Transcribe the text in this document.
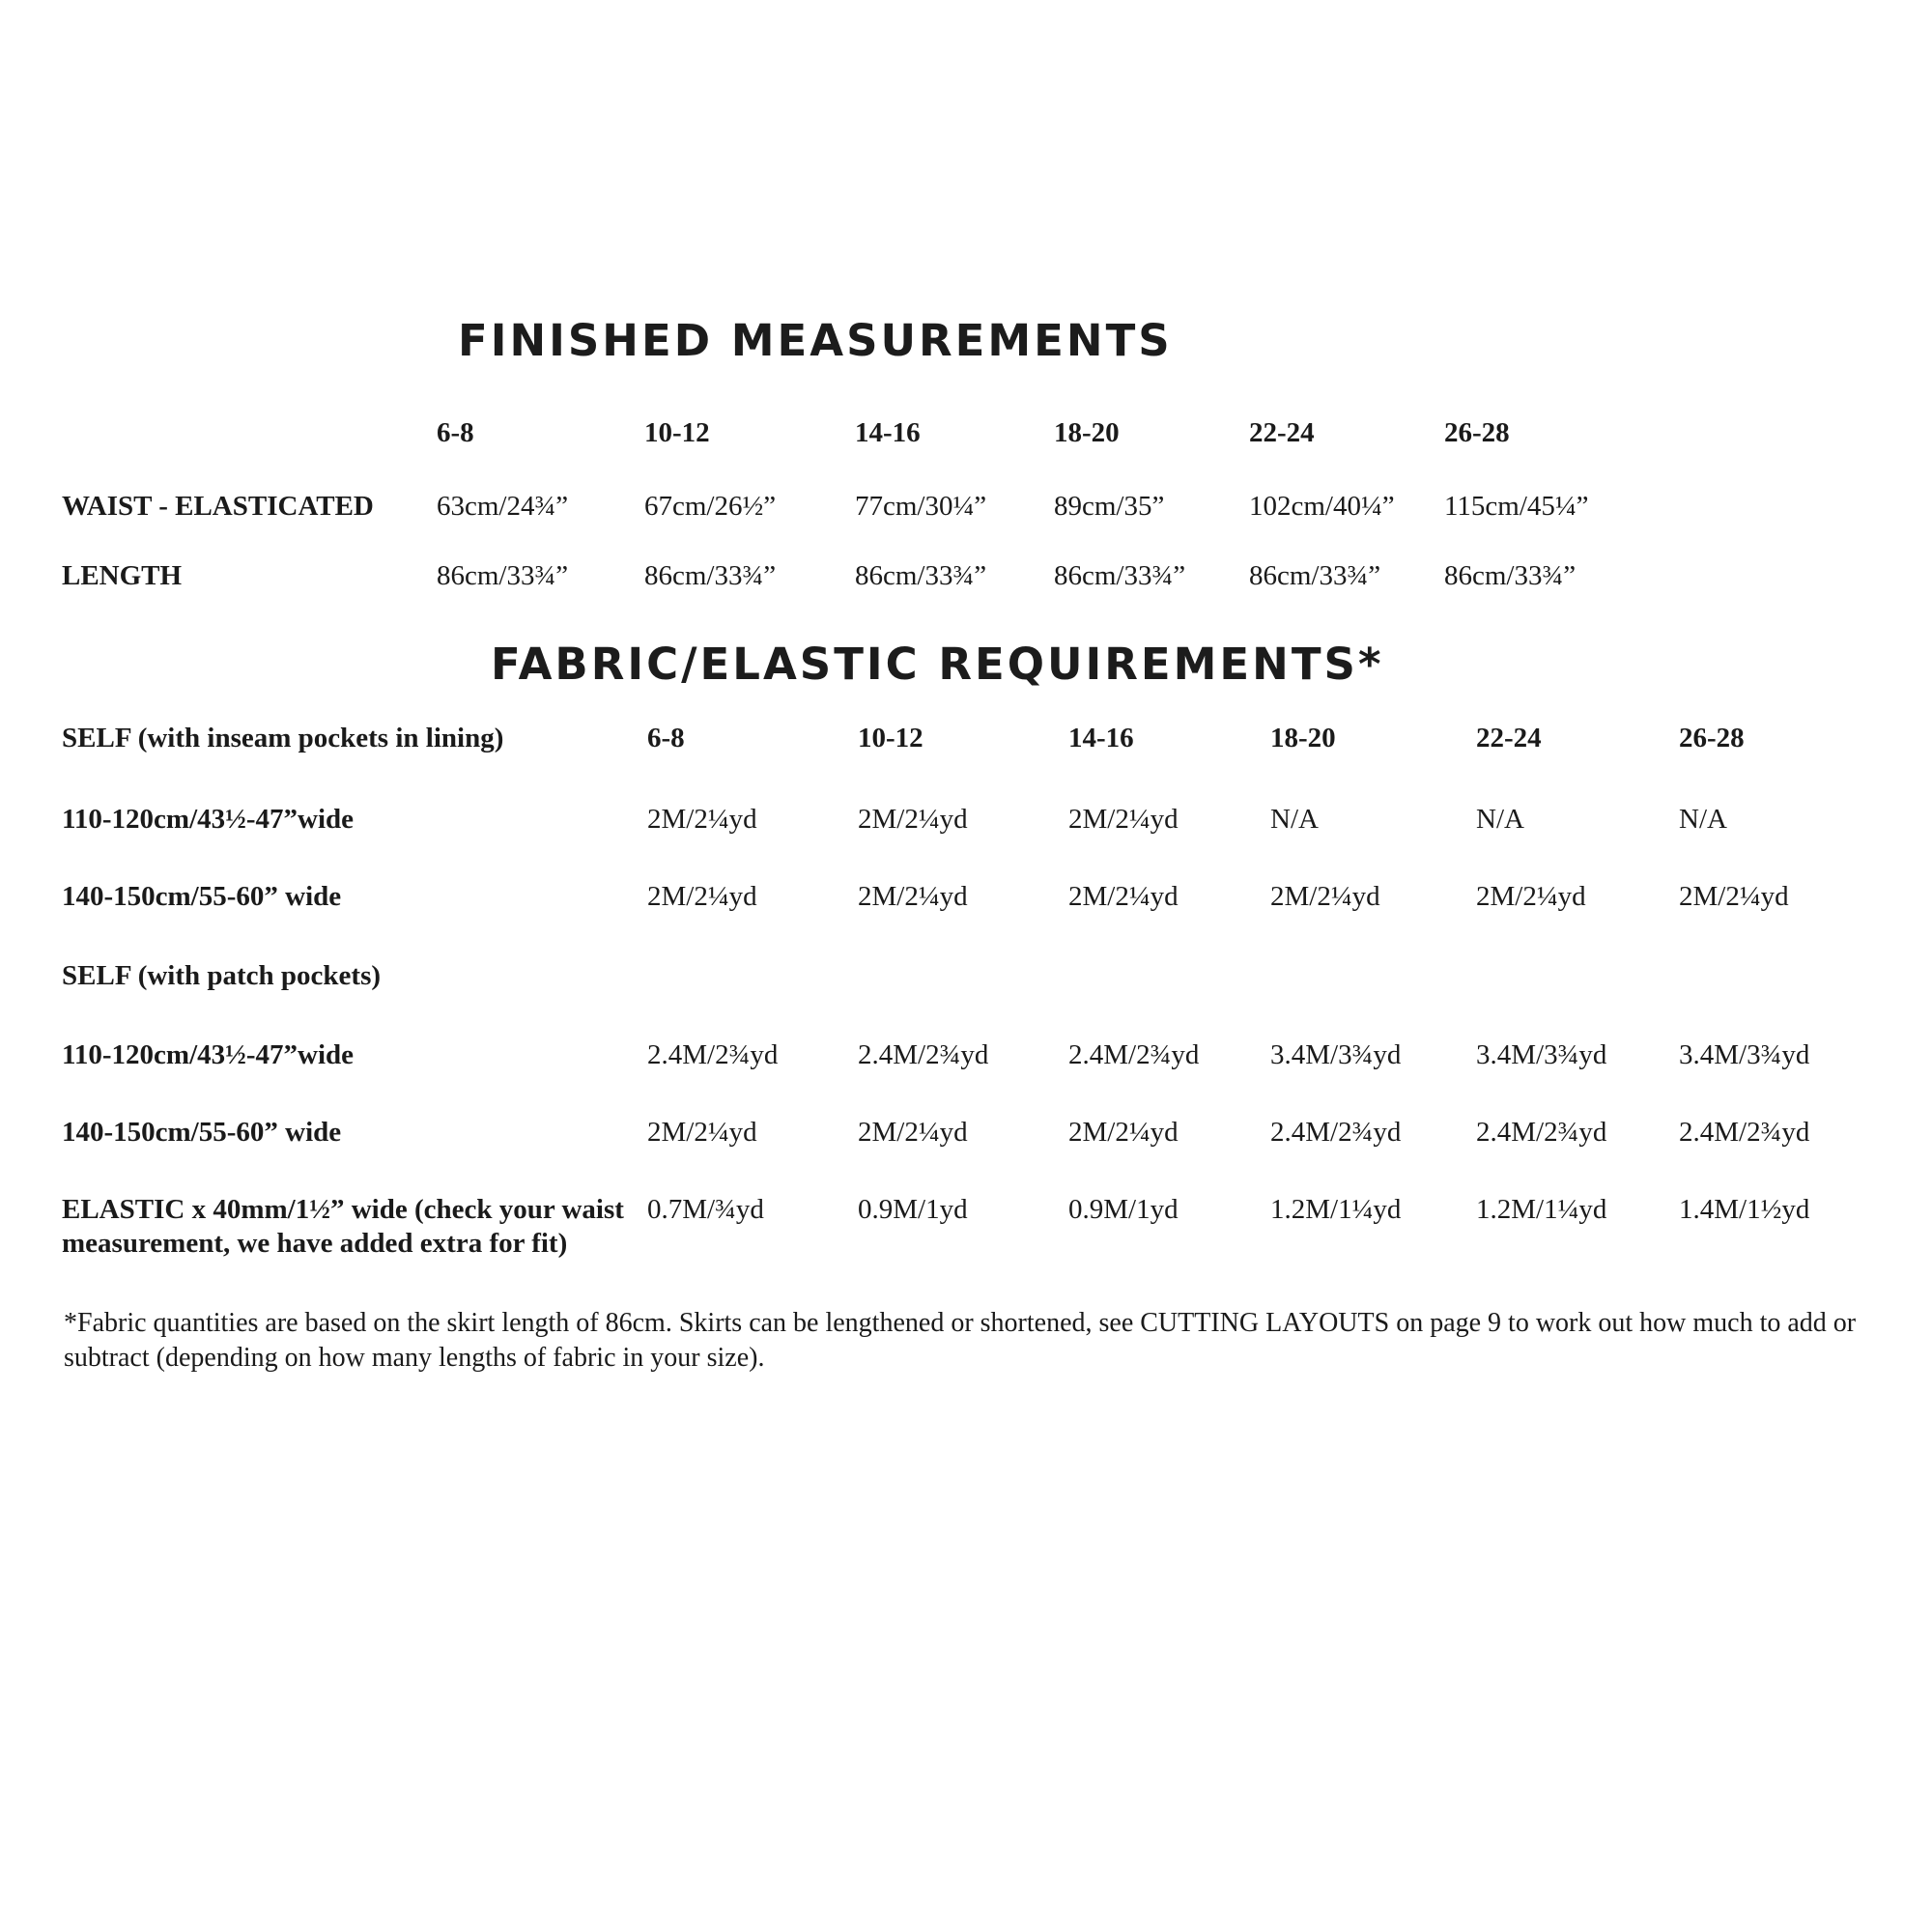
FINISHED MEASUREMENTS
6-8	10-12	14-16	18-20	22-24	26-28
WAIST - ELASTICATED 63cm/24¾”	67cm/26½”	77cm/30¼” 89cm/35”	102cm/40¼” 115cm/45¼”
LENGTH	86cm/33¾”	86cm/33¾”	86cm/33¾” 86cm/33¾” 86cm/33¾” 86cm/33¾”
FABRIC/ELASTIC REQUIREMENTS*
SELF (with inseam pockets in lining)	6-8	10-12	14-16	18-20	22-24	26-28
110-120cm/43½-47”wide	2M/2¼yd	2M/2¼yd	2M/2¼yd	N/A	N/A	N/A
140-150cm/55-60” wide	2M/2¼yd	2M/2¼yd	2M/2¼yd	2M/2¼yd	2M/2¼yd	2M/2¼yd
SELF (with patch pockets)
110-120cm/43½-47”wide	2.4M/2¾yd	2.4M/2¾yd	2.4M/2¾yd	3.4M/3¾yd	3.4M/3¾yd	3.4M/3¾yd
140-150cm/55-60” wide	2M/2¼yd	2M/2¼yd	2M/2¼yd	2.4M/2¾yd	2.4M/2¾yd	2.4M/2¾yd
ELASTIC x 40mm/1½” wide (check your waist
measurement, we have added extra for fit)
0.7M/¾yd	0.9M/1yd	0.9M/1yd	1.2M/1¼yd	1.2M/1¼yd	1.4M/1½yd
*Fabric quantities are based on the skirt length of 86cm. Skirts can be lengthened or shortened, see CUTTING LAYOUTS on page 9 to work out how much to add or subtract (depending on how many lengths of fabric in your size).
